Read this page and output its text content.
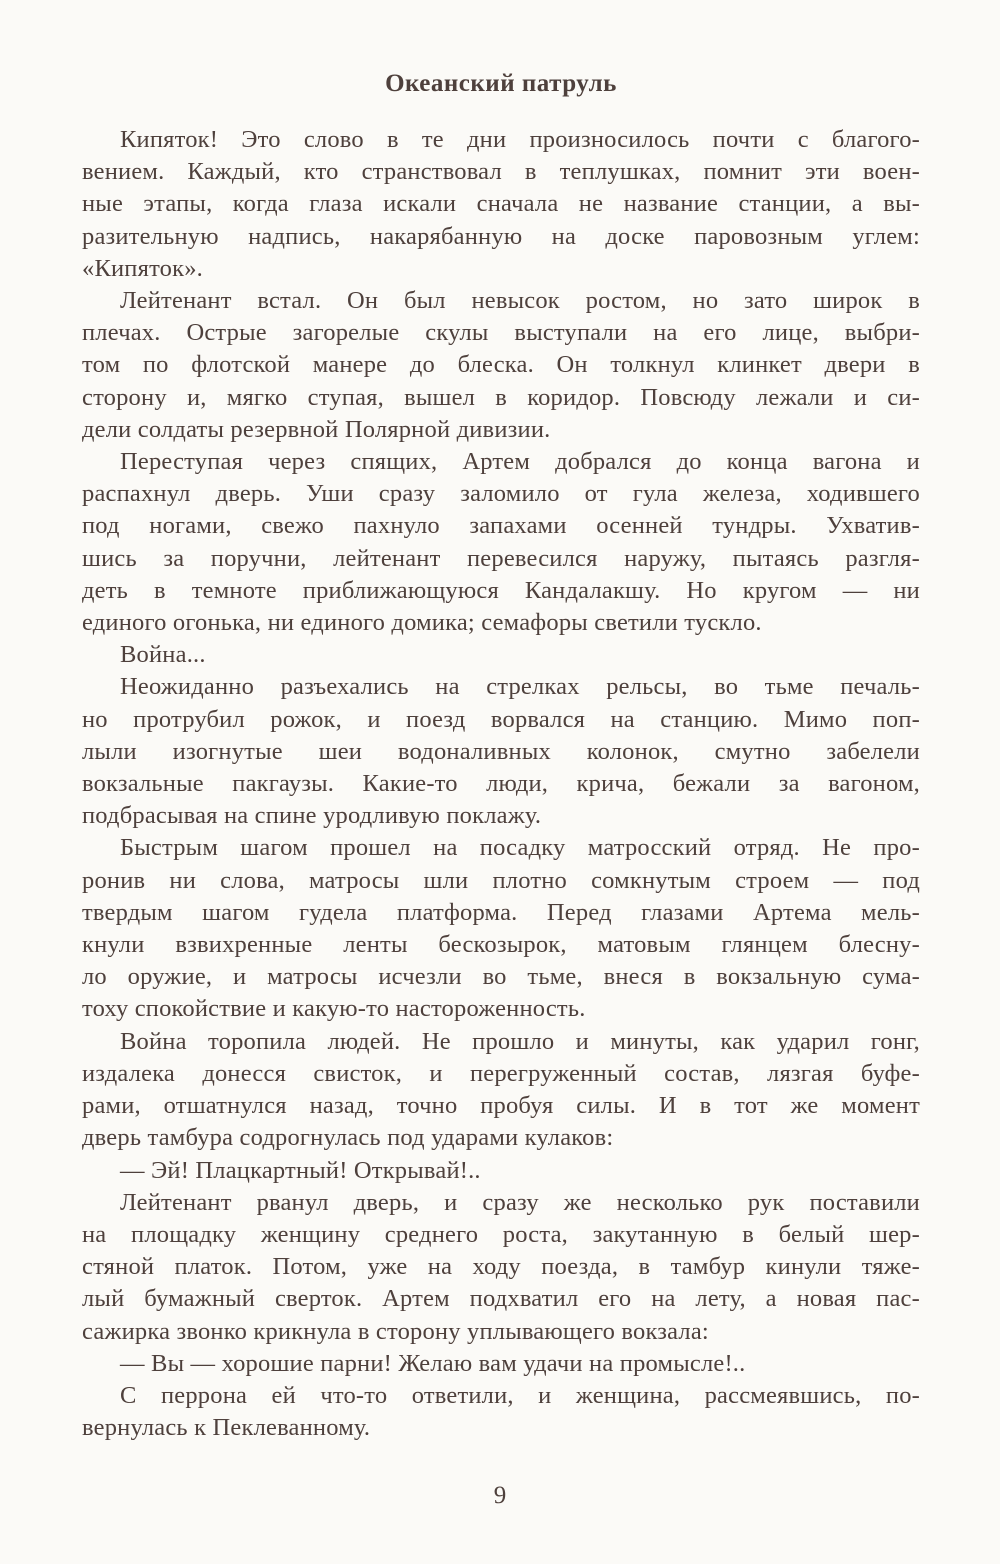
Океанский патруль
Кипяток! Это слово в те дни произносилось почти с благого-
вением. Каждый, кто странствовал в теплушках, помнит эти воен-
ные этапы, когда глаза искали сначала не название станции, а вы-
разительную надпись, накарябанную на доске паровозным углем:
«Кипяток».
Лейтенант встал. Он был невысок ростом, но зато широк в
плечах. Острые загорелые скулы выступали на его лице, выбри-
том по флотской манере до блеска. Он толкнул клинкет двери в
сторону и, мягко ступая, вышел в коридор. Повсюду лежали и си-
дели солдаты резервной Полярной дивизии.
Переступая через спящих, Артем добрался до конца вагона и
распахнул дверь. Уши сразу заломило от гула железа, ходившего
под ногами, свежо пахнуло запахами осенней тундры. Ухватив-
шись за поручни, лейтенант перевесился наружу, пытаясь разгля-
деть в темноте приближающуюся Кандалакшу. Но кругом — ни
единого огонька, ни единого домика; семафоры светили тускло.
Война...
Неожиданно разъехались на стрелках рельсы, во тьме печаль-
но протрубил рожок, и поезд ворвался на станцию. Мимо поп-
лыли изогнутые шеи водоналивных колонок, смутно забелели
вокзальные пакгаузы. Какие-то люди, крича, бежали за вагоном,
подбрасывая на спине уродливую поклажу.
Быстрым шагом прошел на посадку матросский отряд. Не про-
ронив ни слова, матросы шли плотно сомкнутым строем — под
твердым шагом гудела платформа. Перед глазами Артема мель-
кнули взвихренные ленты бескозырок, матовым глянцем блесну-
ло оружие, и матросы исчезли во тьме, внеся в вокзальную сума-
тоху спокойствие и какую-то настороженность.
Война торопила людей. Не прошло и минуты, как ударил гонг,
издалека донесся свисток, и перегруженный состав, лязгая буфе-
рами, отшатнулся назад, точно пробуя силы. И в тот же момент
дверь тамбура содрогнулась под ударами кулаков:
— Эй! Плацкартный! Открывай!..
Лейтенант рванул дверь, и сразу же несколько рук поставили
на площадку женщину среднего роста, закутанную в белый шер-
стяной платок. Потом, уже на ходу поезда, в тамбур кинули тяже-
лый бумажный сверток. Артем подхватил его на лету, а новая пас-
сажирка звонко крикнула в сторону уплывающего вокзала:
— Вы — хорошие парни! Желаю вам удачи на промысле!..
С перрона ей что-то ответили, и женщина, рассмеявшись, по-
вернулась к Пеклеванному.
9
